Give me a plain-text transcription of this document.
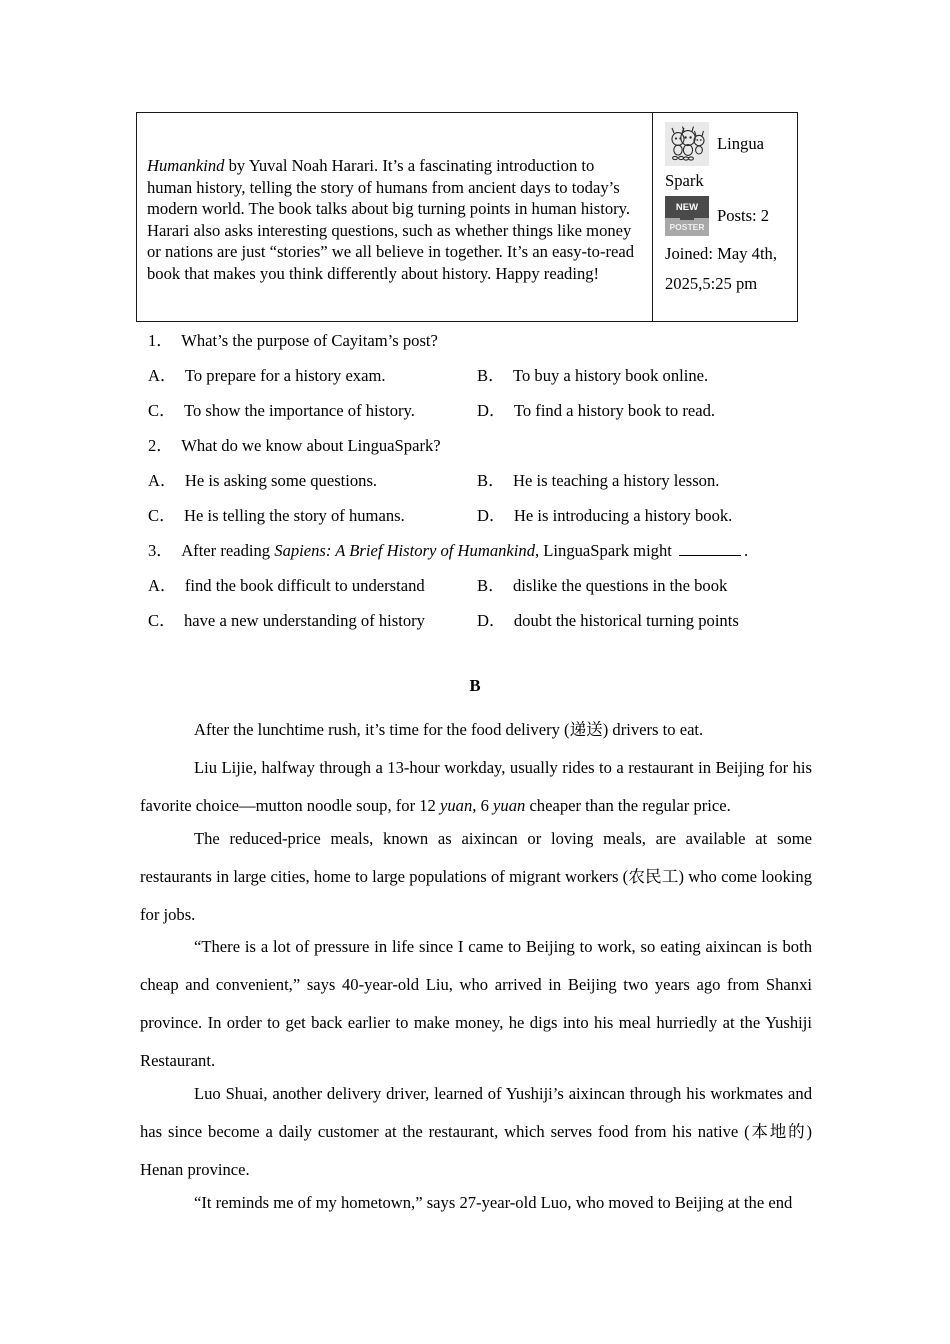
Humankind by Yuval Noah Harari. It’s a fascinating introduction to human history, telling the story of humans from ancient days to today’s modern world. The book talks about big turning points in human history. Harari also asks interesting questions, such as whether things like money or nations are just “stories” we all believe in together. It’s an easy-to-read book that makes you think differently about history. Happy reading!

Lingua
Spark
NEW
POSTER
Posts: 2
Joined: May 4th, 2025,5:25 pm
1． What’s the purpose of Cayitam’s post?
A． To prepare for a history exam.	B． To buy a history book online.
C． To show the importance of history.	D． To find a history book to read.
2． What do we know about LinguaSpark?
A． He is asking some questions.	B． He is teaching a history lesson.
C． He is telling the story of humans.	D． He is introducing a history book.
3． After reading Sapiens: A Brief History of Humankind, LinguaSpark might	.
A． find the book difficult to understand	B． dislike the questions in the book
C． have a new understanding of history	D． doubt the historical turning points
B
After the lunchtime rush, it’s time for the food delivery (递送) drivers to eat.
Liu Lijie, halfway through a 13-hour workday, usually rides to a restaurant in Beijing for his favorite choice—mutton noodle soup, for 12 yuan, 6 yuan cheaper than the regular price.
The reduced-price meals, known as aixincan or loving meals, are available at some restaurants in large cities, home to large populations of migrant workers (农民工) who come looking for jobs.
“There is a lot of pressure in life since I came to Beijing to work, so eating aixincan is both cheap and convenient,” says 40-year-old Liu, who arrived in Beijing two years ago from Shanxi province. In order to get back earlier to make money, he digs into his meal hurriedly at the Yushiji Restaurant.
Luo Shuai, another delivery driver, learned of Yushiji’s aixincan through his workmates and has since become a daily customer at the restaurant, which serves food from his native (本地的) Henan province.
“It reminds me of my hometown,” says 27-year-old Luo, who moved to Beijing at the end
